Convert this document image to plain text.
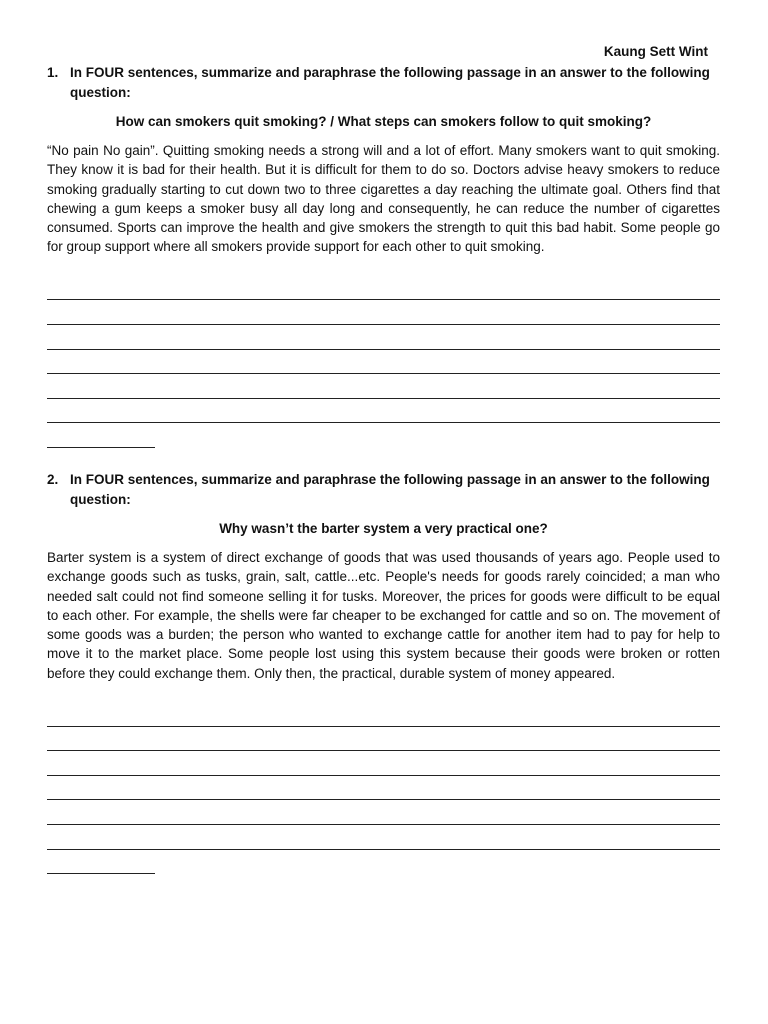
Kaung Sett Wint
1. In FOUR sentences, summarize and paraphrase the following passage in an answer to the following question:
How can smokers quit smoking? / What steps can smokers follow to quit smoking?

“No pain No gain”. Quitting smoking needs a strong will and a lot of effort. Many smokers want to quit smoking. They know it is bad for their health. But it is difficult for them to do so. Doctors advise heavy smokers to reduce smoking gradually starting to cut down two to three cigarettes a day reaching the ultimate goal. Others find that chewing a gum keeps a smoker busy all day long and consequently, he can reduce the number of cigarettes consumed. Sports can improve the health and give smokers the strength to quit this bad habit. Some people go for group support where all smokers provide support for each other to quit smoking.

2. In FOUR sentences, summarize and paraphrase the following passage in an answer to the following question:
Why wasn’t the barter system a very practical one?

Barter system is a system of direct exchange of goods that was used thousands of years ago. People used to exchange goods such as tusks, grain, salt, cattle...etc. People's needs for goods rarely coincided; a man who needed salt could not find someone selling it for tusks. Moreover, the prices for goods were difficult to be equal to each other. For example, the shells were far cheaper to be exchanged for cattle and so on. The movement of some goods was a burden; the person who wanted to exchange cattle for another item had to pay for help to move it to the market place. Some people lost using this system because their goods were broken or rotten before they could exchange them. Only then, the practical, durable system of money appeared.
